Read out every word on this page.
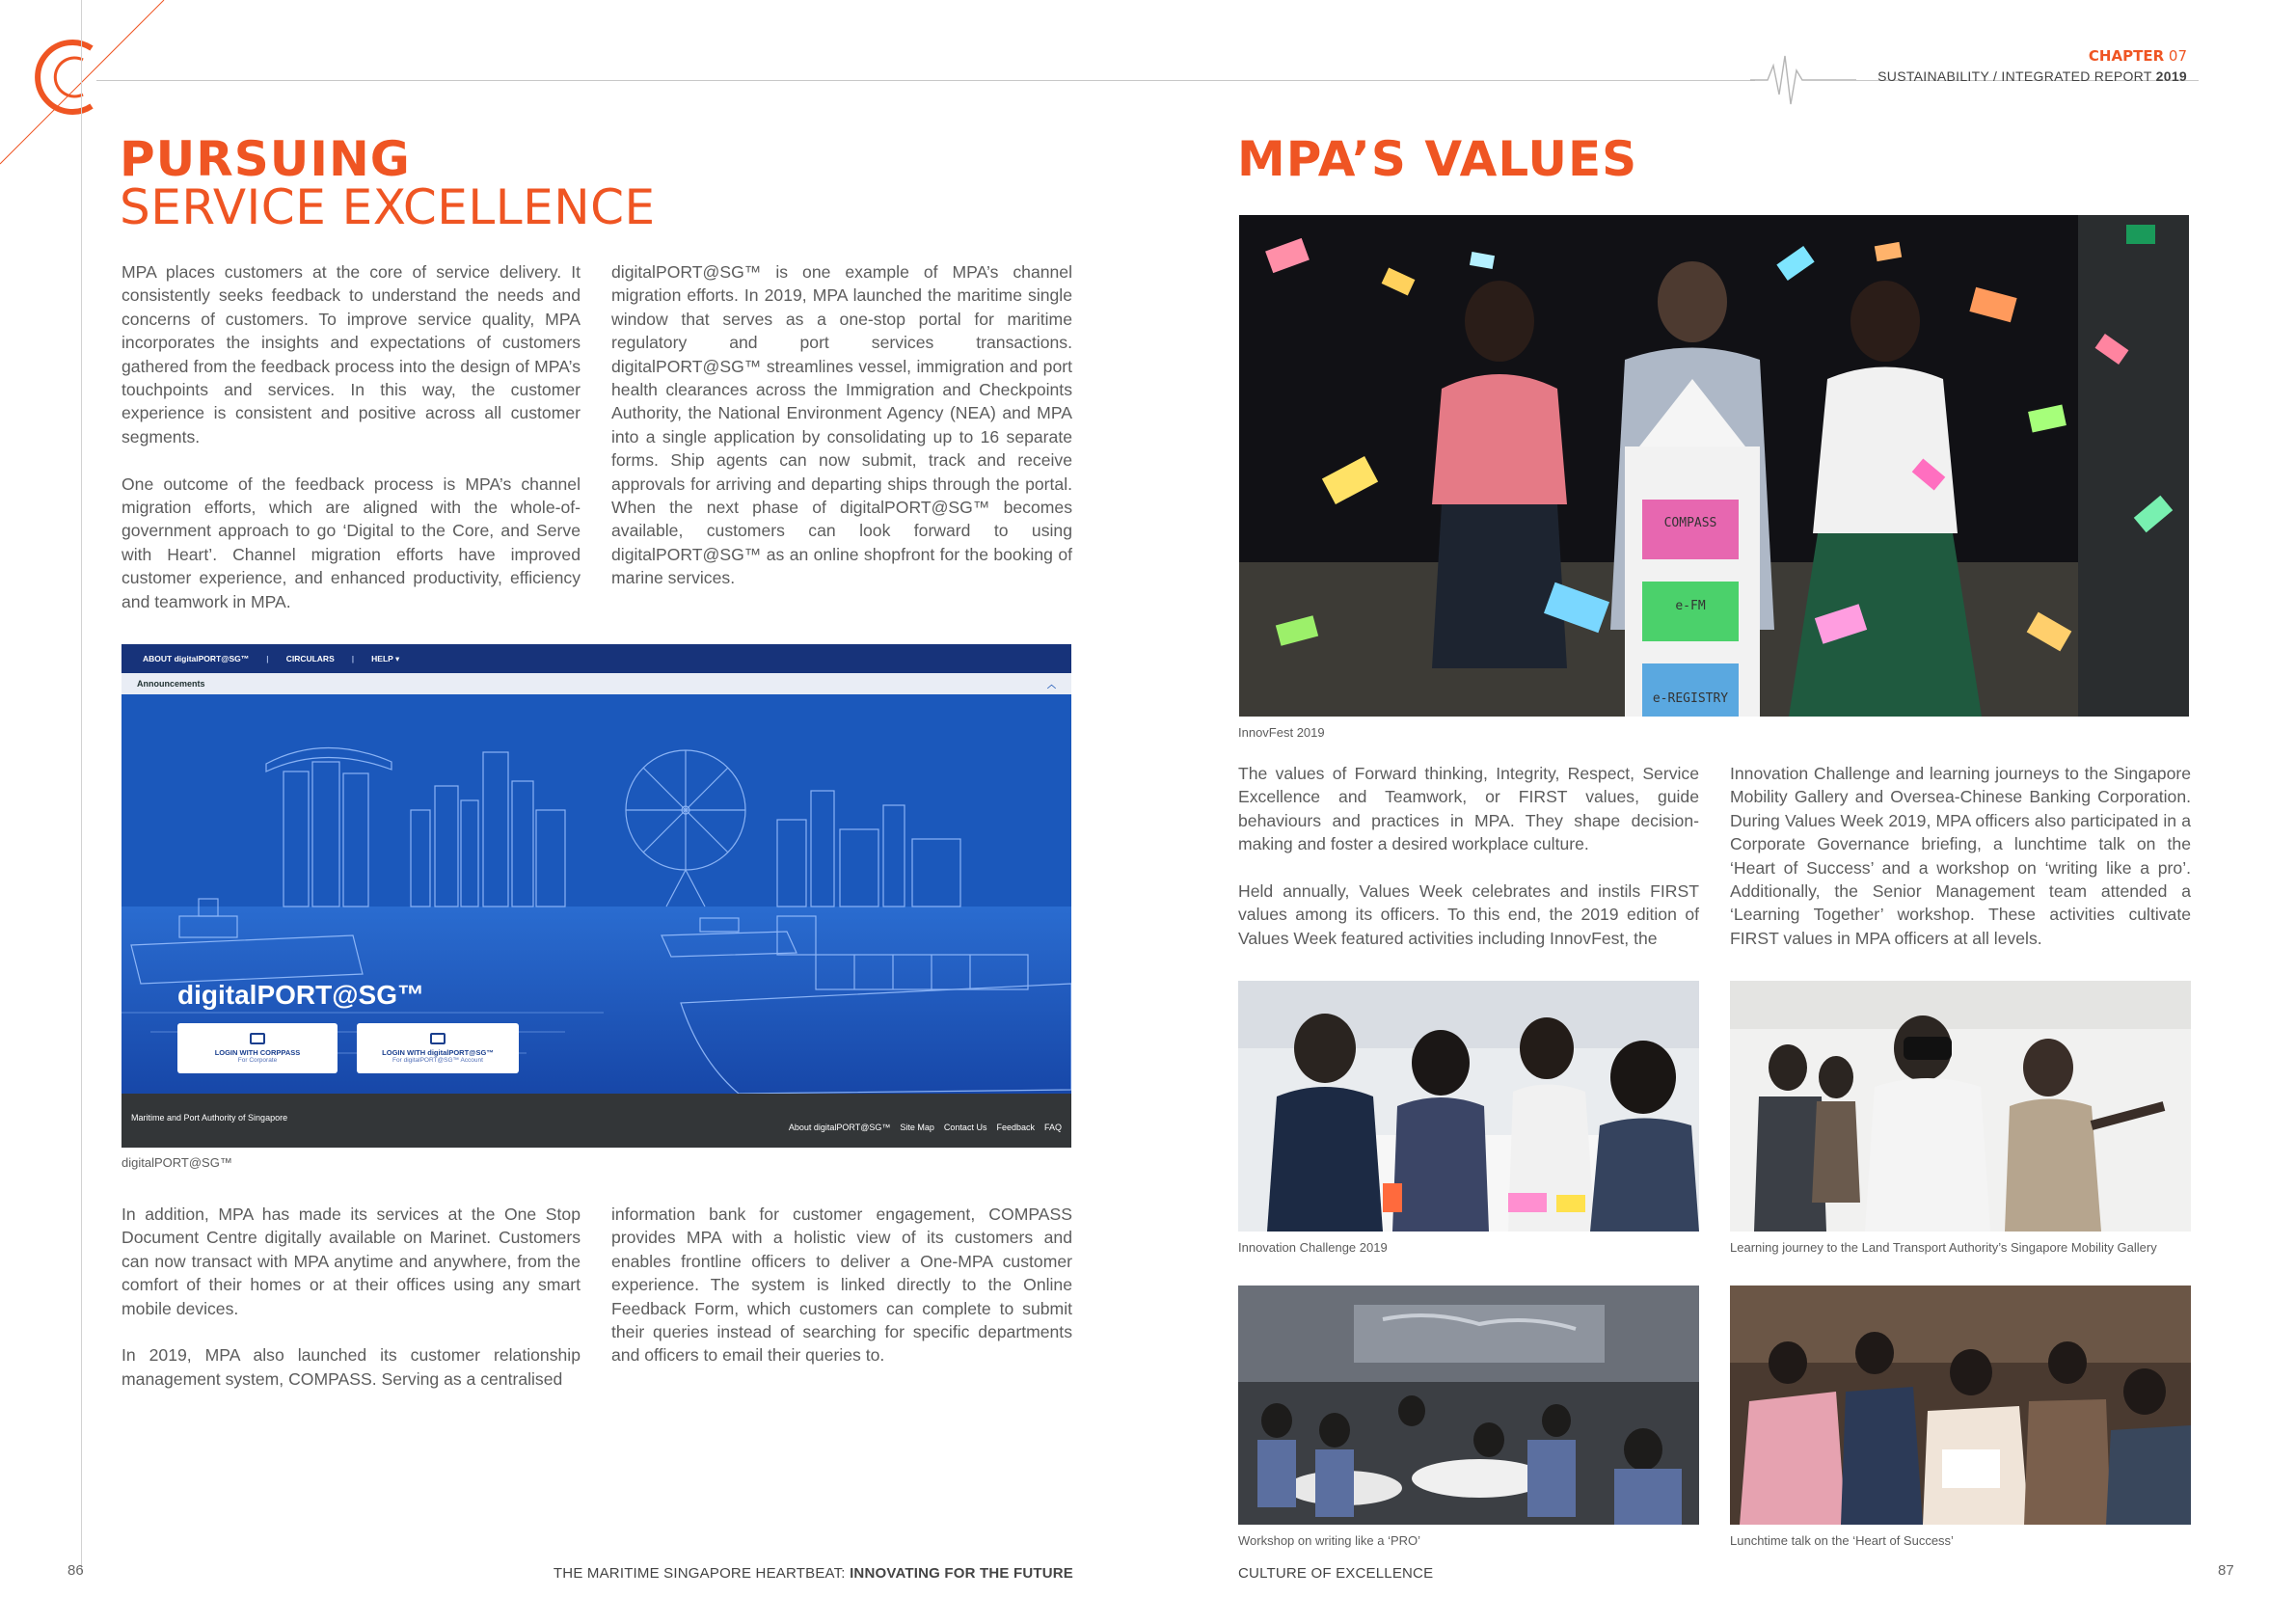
CHAPTER 07
SUSTAINABILITY / INTEGRATED REPORT 2019
PURSUING
SERVICE EXCELLENCE

MPA places customers at the core of service delivery. It consistently seeks feedback to understand the needs and concerns of customers. To improve service quality, MPA incorporates the insights and expectations of customers gathered from the feedback process into the design of MPA’s touchpoints and services. In this way, the customer experience is consistent and positive across all customer segments.

One outcome of the feedback process is MPA’s channel migration efforts, which are aligned with the whole-of-government approach to go ‘Digital to the Core, and Serve with Heart’. Channel migration efforts have improved customer experience, and enhanced productivity, efficiency and teamwork in MPA.

digitalPORT@SG™ is one example of MPA’s channel migration efforts. In 2019, MPA launched the maritime single window that serves as a one-stop portal for maritime regulatory and port services transactions. digitalPORT@SG™ streamlines vessel, immigration and port health clearances across the Immigration and Checkpoints Authority, the National Environment Agency (NEA) and MPA into a single application by consolidating up to 16 separate forms. Ship agents can now submit, track and receive approvals for arriving and departing ships through the portal. When the next phase of digitalPORT@SG™ becomes available, customers can look forward to using digitalPORT@SG™ as an online shopfront for the booking of marine services.

ABOUT digitalPORT@SG™	|	CIRCULARS	|	HELP ▾
Announcements	︿
digitalPORT@SG™
LOGIN WITH CORPPASS
For Corporate
LOGIN WITH digitalPORT@SG™
For digitalPORT@SG™ Account
Maritime and Port Authority of Singapore
About digitalPORT@SG™ Site Map Contact Us Feedback FAQ
digitalPORT@SG™

In addition, MPA has made its services at the One Stop Document Centre digitally available on Marinet. Customers can now transact with MPA anytime and anywhere, from the comfort of their homes or at their offices using any smart mobile devices.

In 2019, MPA also launched its customer relationship management system, COMPASS. Serving as a centralised

information bank for customer engagement, COMPASS provides MPA with a holistic view of its customers and enables frontline officers to deliver a One-MPA customer experience. The system is linked directly to the Online Feedback Form, which customers can complete to submit their queries instead of searching for specific departments and officers to email their queries to.

86	THE MARITIME SINGAPORE HEARTBEAT: INNOVATING FOR THE FUTURE
MPA’S VALUES
COMPASS
e-FM
e-REGISTRY
InnovFest 2019

The values of Forward thinking, Integrity, Respect, Service Excellence and Teamwork, or FIRST values, guide behaviours and practices in MPA. They shape decision-making and foster a desired workplace culture.

Held annually, Values Week celebrates and instils FIRST values among its officers. To this end, the 2019 edition of Values Week featured activities including InnovFest, the

Innovation Challenge and learning journeys to the Singapore Mobility Gallery and Oversea-Chinese Banking Corporation. During Values Week 2019, MPA officers also participated in a Corporate Governance briefing, a lunchtime talk on the ‘Heart of Success’ and a workshop on ‘writing like a pro’. Additionally, the Senior Management team attended a ‘Learning Together’ workshop. These activities cultivate FIRST values in MPA officers at all levels.

Innovation Challenge 2019	Learning journey to the Land Transport Authority’s Singapore Mobility Gallery
Workshop on writing like a ‘PRO’	Lunchtime talk on the ‘Heart of Success’
CULTURE OF EXCELLENCE	87
